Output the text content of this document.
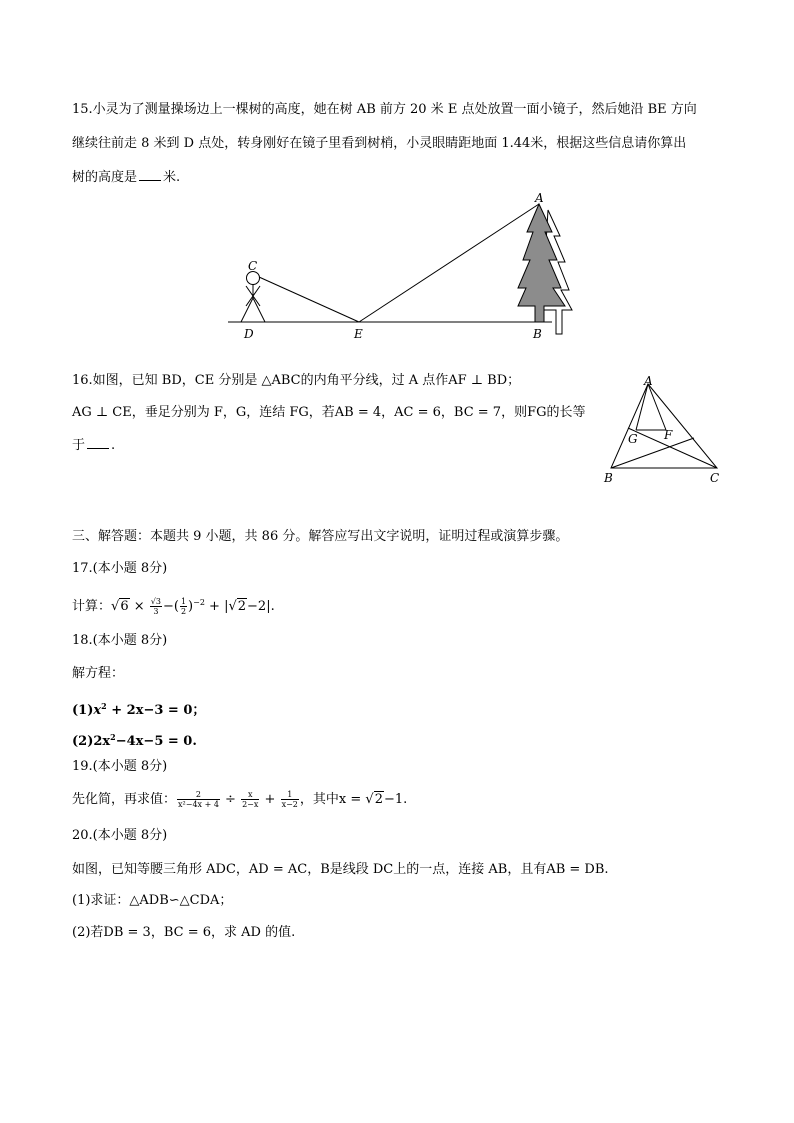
15.小灵为了测量操场边上一棵树的高度，她在树 AB 前方 20 米 E 点处放置一面小镜子，然后她沿 BE 方向
继续往前走 8 米到 D 点处，转身刚好在镜子里看到树梢，小灵眼睛距地面 1.44米，根据这些信息请你算出
树的高度是 米.
C
D	E	B
A
16.如图，已知 BD，CE 分别是 △ABC的内角平分线，过 A 点作AF ⊥ BD；
AG ⊥ CE，垂足分别为 F，G，连结 FG，若AB = 4，AC = 6，BC = 7，则FG的长等
于 .
A
B	C
G F
三、解答题：本题共 9 小题，共 86 分。解答应写出文字说明，证明过程或演算步骤。
17.(本小题 8分)
计算：$√6 \times \frac{√3}{3}$ −( $\frac{1}{2} )^{-2} + |√2-2|$.
18.(本小题 8分)
解方程：
$(1)x^2 + 2x-3 = 0$；
$(2)2x^2-4x-5 = 0$.
19.(本小题 8分)
先化简，再求值： $\frac{2}{\text{x²−4x + 4}} \div \frac{x}{2-x} + \frac{1}{x-2}$ ，其中x = √2−1.
20.(本小题 8分)
如图，已知等腰三角形 ADC，AD = AC，B是线段 DC上的一点，连接 AB，且有AB = DB.
(1)求证：△ADB∽△CDA；
(2)若DB = 3，BC = 6，求 AD 的值.
